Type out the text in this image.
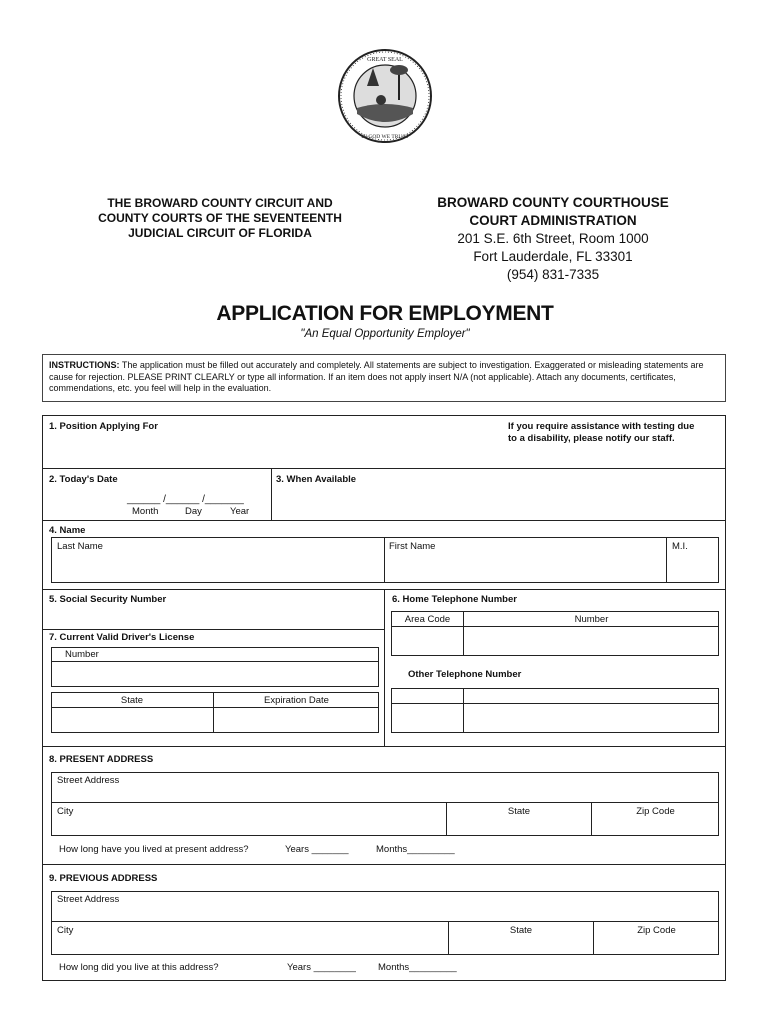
GREAT SEAL
IN GOD WE TRUST
THE BROWARD COUNTY CIRCUIT AND
COUNTY COURTS OF THE SEVENTEENTH
JUDICIAL CIRCUIT OF FLORIDA
BROWARD COUNTY COURTHOUSE
COURT ADMINISTRATION
201 S.E. 6th Street, Room 1000
Fort Lauderdale, FL 33301
(954) 831-7335
APPLICATION FOR EMPLOYMENT
"An Equal Opportunity Employer"
INSTRUCTIONS: The application must be filled out accurately and completely. All statements are subject to investigation. Exaggerated or misleading statements are cause for rejection. PLEASE PRINT CLEARLY or type all information. If an item does not apply insert N/A (not applicable). Attach any documents, certificates, commendations, etc. you feel will help in the evaluation.
1. Position Applying For	If you require assistance with testing due
to a disability, please notify our staff.
2. Today's Date
______ /______ /_______
Month	Day	Year
3. When Available
4. Name
Last Name	First Name	M.I.
5. Social Security Number	6. Home Telephone Number
Area Code	Number
7. Current Valid Driver's License
Number
Other Telephone Number
State	Expiration Date
8. PRESENT ADDRESS
Street Address
City	State	Zip Code
How long have you lived at present address?	Years _______	Months_________
9. PREVIOUS ADDRESS
Street Address
City	State	Zip Code
How long did you live at this address?	Years ________ Months_________
